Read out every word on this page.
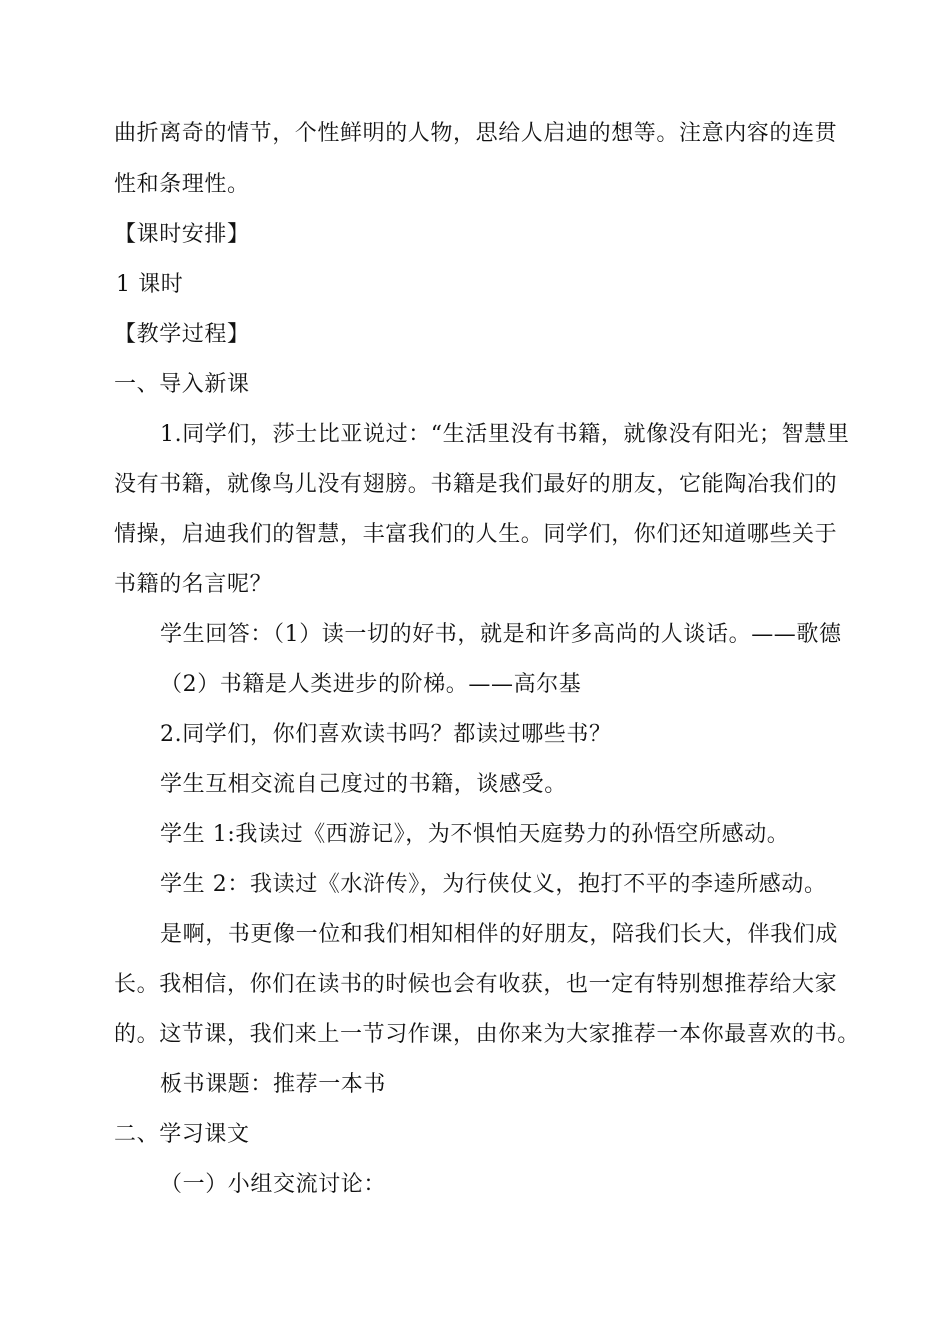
曲折离奇的情节，个性鲜明的人物，思给人启迪的想等。注意内容的连贯
性和条理性。
【课时安排】
1 课时
【教学过程】
一、导入新课
1.同学们，莎士比亚说过：“生活里没有书籍，就像没有阳光；智慧里
没有书籍，就像鸟儿没有翅膀。书籍是我们最好的朋友，它能陶冶我们的
情操，启迪我们的智慧，丰富我们的人生。同学们，你们还知道哪些关于
书籍的名言呢？
学生回答：（1）读一切的好书，就是和许多高尚的人谈话。——歌德
（2）书籍是人类进步的阶梯。——高尔基
2.同学们，你们喜欢读书吗？都读过哪些书？
学生互相交流自己度过的书籍，谈感受。
学生 1:我读过《西游记》，为不惧怕天庭势力的孙悟空所感动。
学生 2：我读过《水浒传》，为行侠仗义，抱打不平的李逵所感动。
是啊，书更像一位和我们相知相伴的好朋友，陪我们长大，伴我们成
长。我相信，你们在读书的时候也会有收获，也一定有特别想推荐给大家
的。这节课，我们来上一节习作课，由你来为大家推荐一本你最喜欢的书。
板书课题：推荐一本书
二、学习课文
（一）小组交流讨论：
